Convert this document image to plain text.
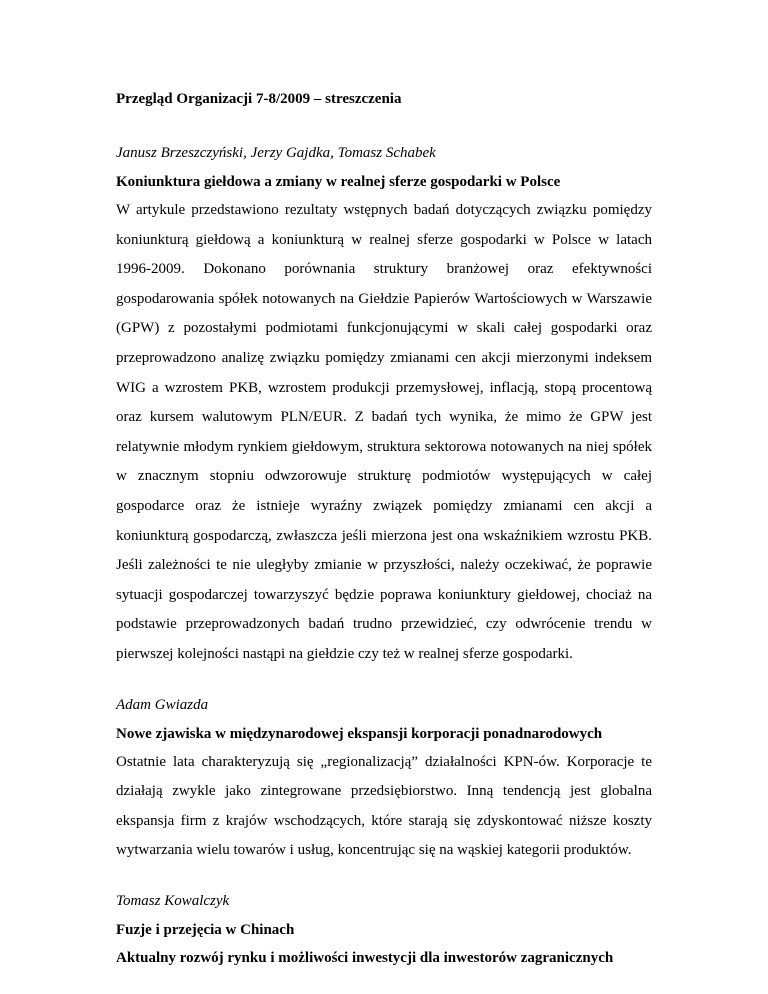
Przegląd Organizacji 7-8/2009 – streszczenia
Janusz Brzeszczyński, Jerzy Gajdka, Tomasz Schabek
Koniunktura giełdowa a zmiany w realnej sferze gospodarki w Polsce
W artykule przedstawiono rezultaty wstępnych badań dotyczących związku pomiędzy koniunkturą giełdową a koniunkturą w realnej sferze gospodarki w Polsce w latach 1996-2009. Dokonano porównania struktury branżowej oraz efektywności gospodarowania spółek notowanych na Giełdzie Papierów Wartościowych w Warszawie (GPW) z pozostałymi podmiotami funkcjonującymi w skali całej gospodarki oraz przeprowadzono analizę związku pomiędzy zmianami cen akcji mierzonymi indeksem WIG a wzrostem PKB, wzrostem produkcji przemysłowej, inflacją, stopą procentową oraz kursem walutowym PLN/EUR. Z badań tych wynika, że mimo że GPW jest relatywnie młodym rynkiem giełdowym, struktura sektorowa notowanych na niej spółek w znacznym stopniu odwzorowuje strukturę podmiotów występujących w całej gospodarce oraz że istnieje wyraźny związek pomiędzy zmianami cen akcji a koniunkturą gospodarczą, zwłaszcza jeśli mierzona jest ona wskaźnikiem wzrostu PKB. Jeśli zależności te nie uległyby zmianie w przyszłości, należy oczekiwać, że poprawie sytuacji gospodarczej towarzyszyć będzie poprawa koniunktury giełdowej, chociaż na podstawie przeprowadzonych badań trudno przewidzieć, czy odwrócenie trendu w pierwszej kolejności nastąpi na giełdzie czy też w realnej sferze gospodarki.
Adam Gwiazda
Nowe zjawiska w międzynarodowej ekspansji korporacji ponadnarodowych
Ostatnie lata charakteryzują się „regionalizacją” działalności KPN-ów. Korporacje te działają zwykle jako zintegrowane przedsiębiorstwo. Inną tendencją jest globalna ekspansja firm z krajów wschodzących, które starają się zdyskontować niższe koszty wytwarzania wielu towarów i usług, koncentrując się na wąskiej kategorii produktów.
Tomasz Kowalczyk
Fuzje i przejęcia w Chinach
Aktualny rozwój rynku i możliwości inwestycji dla inwestorów zagranicznych
